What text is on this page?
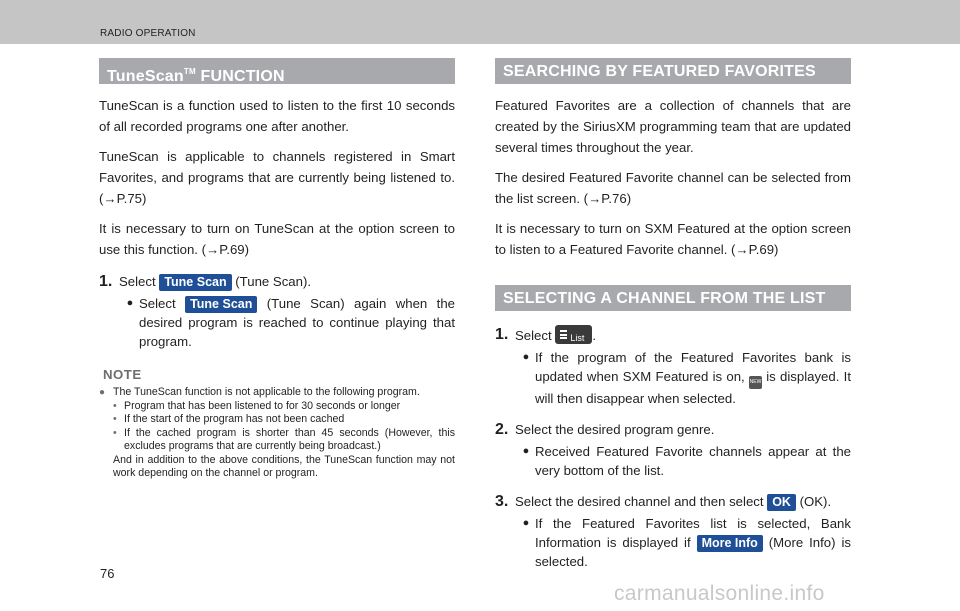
RADIO OPERATION
TuneScan™ FUNCTION

TuneScan is a function used to listen to the first 10 seconds of all recorded programs one after another.

TuneScan is applicable to channels registered in Smart Favorites, and programs that are currently being listened to. (→P.75)

It is necessary to turn on TuneScan at the option screen to use this function. (→P.69)

1. Select Tune Scan (Tune Scan).
● Select Tune Scan (Tune Scan) again when the desired program is reached to continue playing that program.
NOTE
● The TuneScan function is not applicable to the following program.
• Program that has been listened to for 30 seconds or longer
• If the start of the program has not been cached
• If the cached program is shorter than 45 seconds (However, this excludes programs that are currently being broadcast.)
And in addition to the above conditions, the TuneScan function may not work depending on the channel or program.
SEARCHING BY FEATURED FAVORITES

Featured Favorites are a collection of channels that are created by the SiriusXM programming team that are updated several times throughout the year.

The desired Featured Favorite channel can be selected from the list screen. (→P.76)

It is necessary to turn on SXM Featured at the option screen to listen to a Featured Favorite channel. (→P.69)

SELECTING A CHANNEL FROM THE LIST
1. Select List .
● If the program of the Featured Favorites bank is updated when SXM Featured is on, NEW is displayed. It will then disappear when selected.
2. Select the desired program genre.
● Received Featured Favorite channels appear at the very bottom of the list.
3. Select the desired channel and then select OK (OK).
● If the Featured Favorites list is selected, Bank Information is displayed if More Info (More Info) is selected.
76
carmanualsonline.info
